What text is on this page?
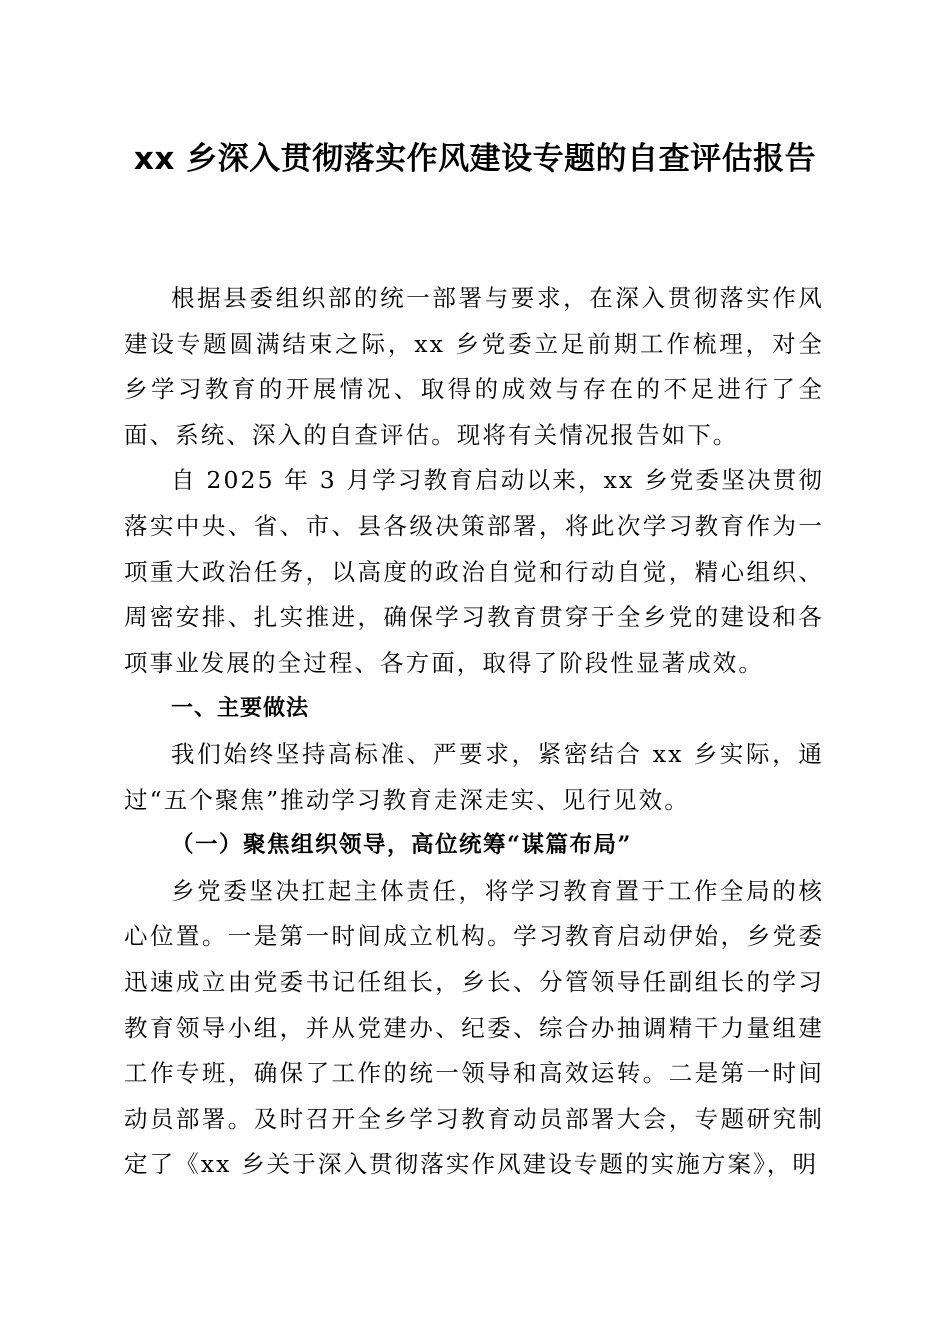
xx 乡深入贯彻落实作风建设专题的自查评估报告

根据县委组织部的统一部署与要求，在深入贯彻落实作风建设专题圆满结束之际，xx 乡党委立足前期工作梳理，对全乡学习教育的开展情况、取得的成效与存在的不足进行了全面、系统、深入的自查评估。现将有关情况报告如下。

自 2025 年 3 月学习教育启动以来，xx 乡党委坚决贯彻落实中央、省、市、县各级决策部署，将此次学习教育作为一项重大政治任务，以高度的政治自觉和行动自觉，精心组织、周密安排、扎实推进，确保学习教育贯穿于全乡党的建设和各项事业发展的全过程、各方面，取得了阶段性显著成效。

一、主要做法

我们始终坚持高标准、严要求，紧密结合 xx 乡实际，通过“五个聚焦”推动学习教育走深走实、见行见效。

（一）聚焦组织领导，高位统筹“谋篇布局”

乡党委坚决扛起主体责任，将学习教育置于工作全局的核心位置。一是第一时间成立机构。学习教育启动伊始，乡党委迅速成立由党委书记任组长，乡长、分管领导任副组长的学习教育领导小组，并从党建办、纪委、综合办抽调精干力量组建工作专班，确保了工作的统一领导和高效运转。二是第一时间动员部署。及时召开全乡学习教育动员部署大会，专题研究制定了《xx 乡关于深入贯彻落实作风建设专题的实施方案》，明
